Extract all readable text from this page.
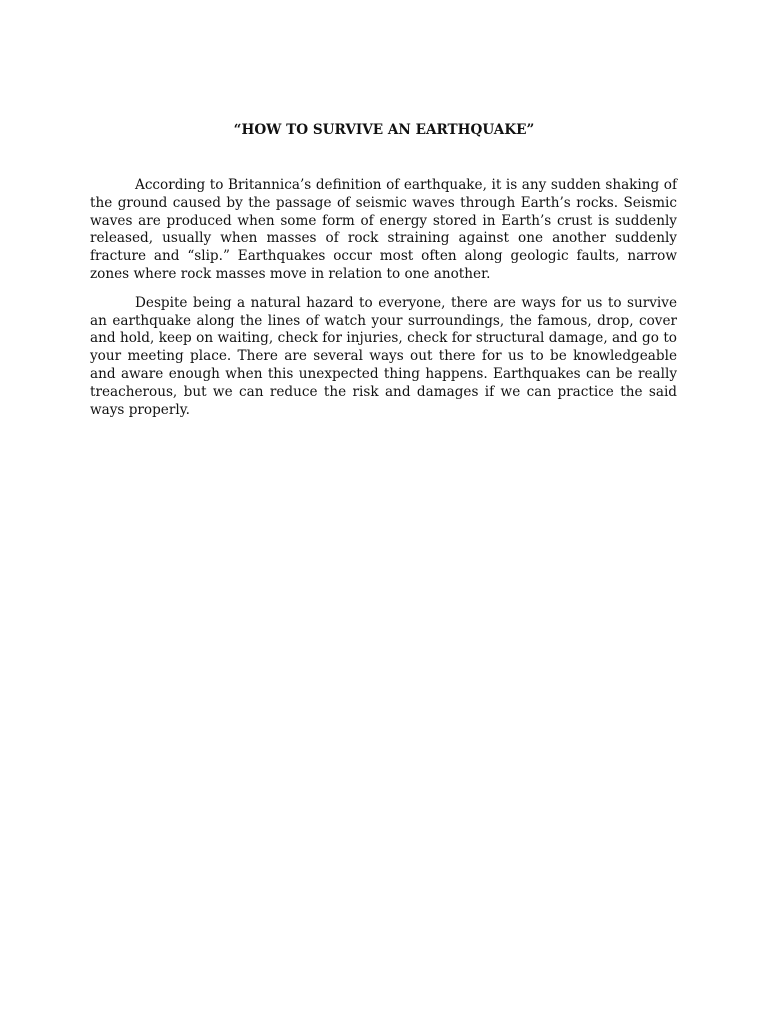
“HOW TO SURVIVE AN EARTHQUAKE”

According to Britannica’s definition of earthquake, it is any sudden shaking of the ground caused by the passage of seismic waves through Earth’s rocks. Seismic waves are produced when some form of energy stored in Earth’s crust is suddenly released, usually when masses of rock straining against one another suddenly fracture and “slip.” Earthquakes occur most often along geologic faults, narrow zones where rock masses move in relation to one another.

Despite being a natural hazard to everyone, there are ways for us to survive an earthquake along the lines of watch your surroundings, the famous, drop, cover and hold, keep on waiting, check for injuries, check for structural damage, and go to your meeting place. There are several ways out there for us to be knowledgeable and aware enough when this unexpected thing happens. Earthquakes can be really treacherous, but we can reduce the risk and damages if we can practice the said ways properly.
